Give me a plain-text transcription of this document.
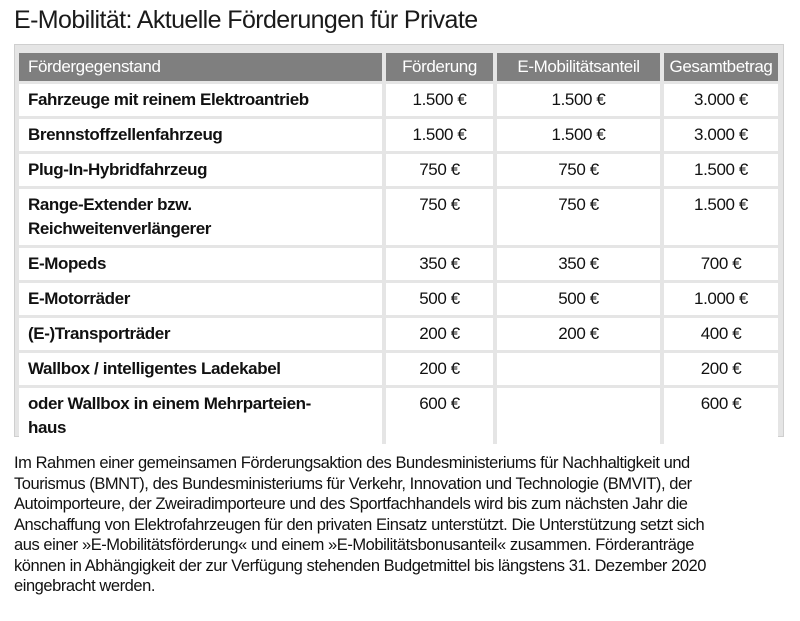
E-Mobilität: Aktuelle Förderungen für Private
Fördergegenstand	Förderung	E-Mobilitätsanteil	Gesamtbetrag

Fahrzeuge mit reinem Elektroantrieb	1.500 €	1.500 €	3.000 €

Brennstoffzellenfahrzeug	1.500 €	1.500 €	3.000 €

Plug-In-Hybridfahrzeug	750 €	750 €	1.500 €

Range-Extender bzw.
Reichweitenverlängerer	750 €	750 €	1.500 €

E-Mopeds	350 €	350 €	700 €

E-Motorräder	500 €	500 €	1.000 €

(E-)Transporträder	200 €	200 €	400 €

Wallbox / intelligentes Ladekabel	200 €		200 €

oder Wallbox in einem Mehrparteien-
haus	600 €		600 €

Im Rahmen einer gemeinsamen Förderungsaktion des Bundesministeriums für Nachhaltigkeit und

Tourismus (BMNT), des Bundesministeriums für Verkehr, Innovation und Technologie (BMVIT), der

Autoimporteure, der Zweiradimporteure und des Sportfachhandels wird bis zum nächsten Jahr die

Anschaffung von Elektrofahrzeugen für den privaten Einsatz unterstützt. Die Unterstützung setzt sich

aus einer »E-Mobilitätsförderung« und einem »E-Mobilitätsbonusanteil« zusammen. Förderanträge

können in Abhängigkeit der zur Verfügung stehenden Budgetmittel bis längstens 31. Dezember 2020

eingebracht werden.
